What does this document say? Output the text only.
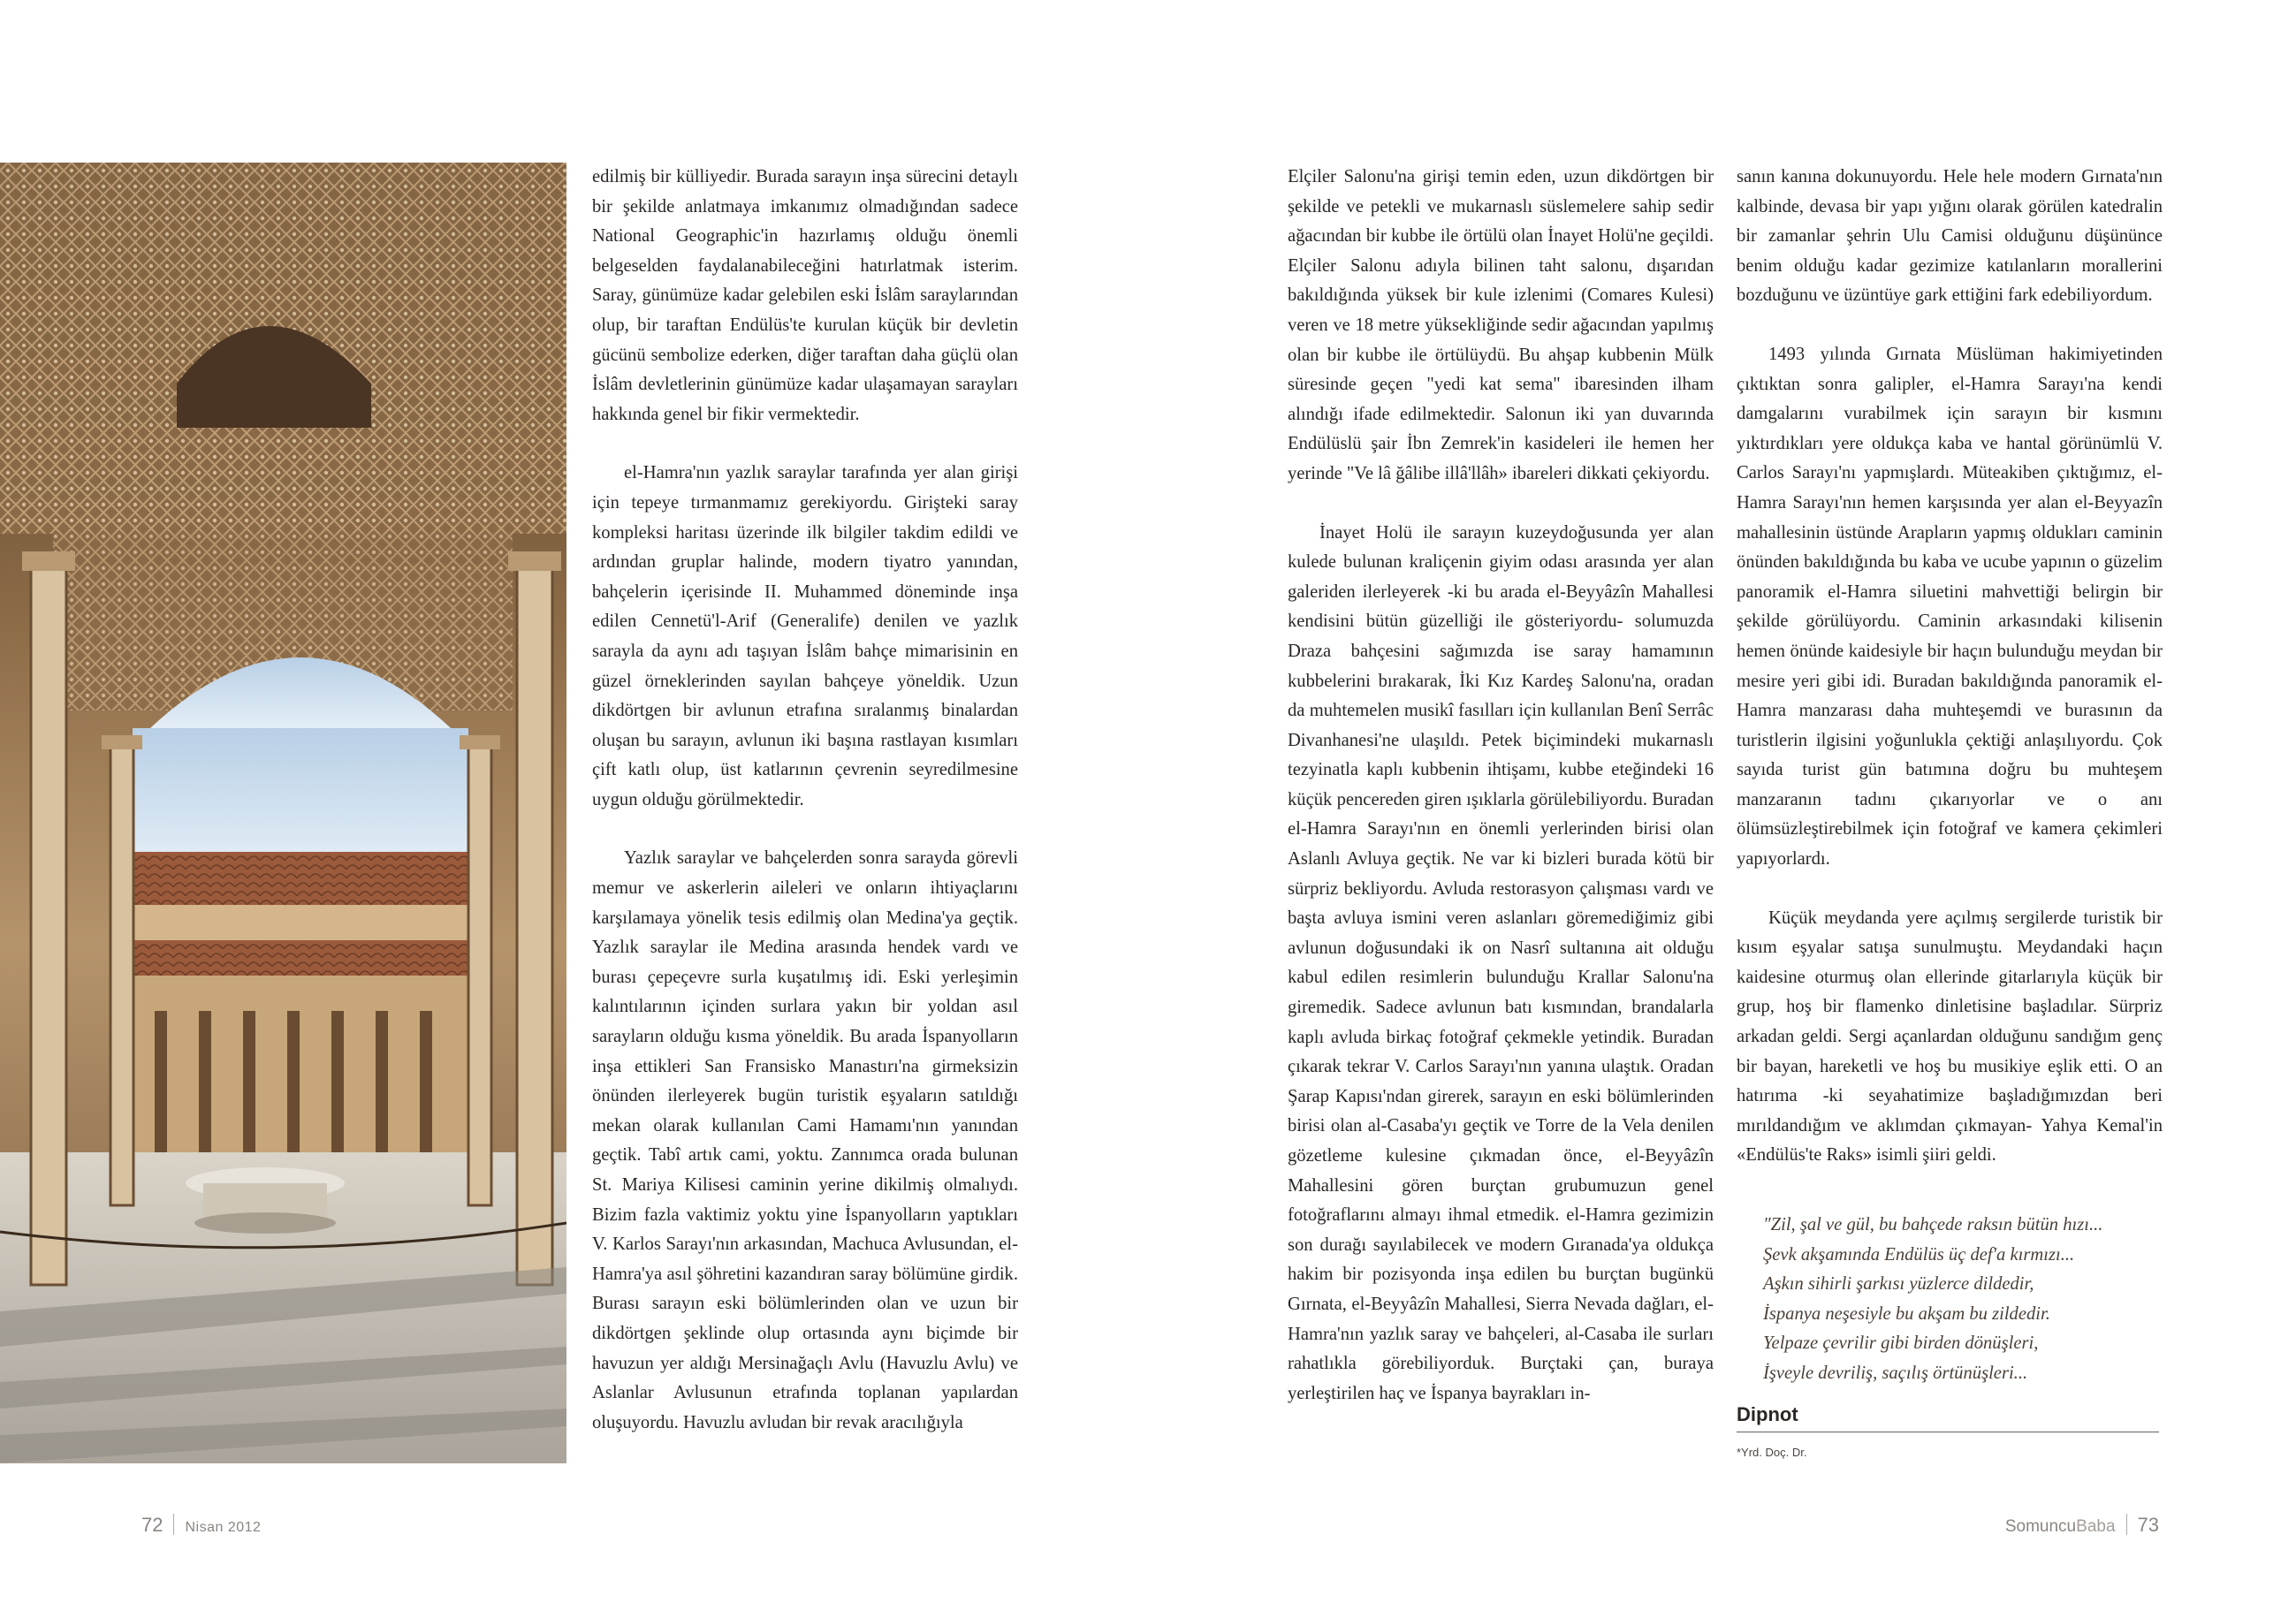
edilmiş bir külliyedir. Burada sarayın inşa sürecini detaylı bir şekilde anlatmaya imkanımız olmadığından sadece National Geographic'in hazırlamış olduğu önemli belgeselden faydalanabileceğini hatırlatmak isterim. Saray, günümüze kadar gelebilen eski İslâm saraylarından olup, bir taraftan Endülüs'te kurulan küçük bir devletin gücünü sembolize ederken, diğer taraftan daha güçlü olan İslâm devletlerinin günümüze kadar ulaşamayan sarayları hakkında genel bir fikir vermektedir.

el-Hamra'nın yazlık saraylar tarafında yer alan girişi için tepeye tırmanmamız gerekiyordu. Girişteki saray kompleksi haritası üzerinde ilk bilgiler takdim edildi ve ardından gruplar halinde, modern tiyatro yanından, bahçelerin içerisinde II. Muhammed döneminde inşa edilen Cennetü'l-Arif (Generalife) denilen ve yazlık sarayla da aynı adı taşıyan İslâm bahçe mimarisinin en güzel örneklerinden sayılan bahçeye yöneldik. Uzun dikdörtgen bir avlunun etrafına sıralanmış binalardan oluşan bu sarayın, avlunun iki başına rastlayan kısımları çift katlı olup, üst katlarının çevrenin seyredilmesine uygun olduğu görülmektedir.

Yazlık saraylar ve bahçelerden sonra sarayda görevli memur ve askerlerin aileleri ve onların ihtiyaçlarını karşılamaya yönelik tesis edilmiş olan Medina'ya geçtik. Yazlık saraylar ile Medina arasında hendek vardı ve burası çepeçevre surla kuşatılmış idi. Eski yerleşimin kalıntılarının içinden surlara yakın bir yoldan asıl sarayların olduğu kısma yöneldik. Bu arada İspanyolların inşa ettikleri San Fransisko Manastırı'na girmeksizin önünden ilerleyerek bugün turistik eşyaların satıldığı mekan olarak kullanılan Cami Hamamı'nın yanından geçtik. Tabî artık cami, yoktu. Zannımca orada bulunan St. Mariya Kilisesi caminin yerine dikilmiş olmalıydı. Bizim fazla vaktimiz yoktu yine İspanyolların yaptıkları V. Karlos Sarayı'nın arkasından, Machuca Avlusundan, el-Hamra'ya asıl şöhretini kazandıran saray bölümüne girdik. Burası sarayın eski bölümlerinden olan ve uzun bir dikdörtgen şeklinde olup ortasında aynı biçimde bir havuzun yer aldığı Mersinağaçlı Avlu (Havuzlu Avlu) ve Aslanlar Avlusunun etrafında toplanan yapılardan oluşuyordu. Havuzlu avludan bir revak aracılığıyla

Elçiler Salonu'na girişi temin eden, uzun dikdörtgen bir şekilde ve petekli ve mukarnaslı süslemelere sahip sedir ağacından bir kubbe ile örtülü olan İnayet Holü'ne geçildi. Elçiler Salonu adıyla bilinen taht salonu, dışarıdan bakıldığında yüksek bir kule izlenimi (Comares Kulesi) veren ve 18 metre yüksekliğinde sedir ağacından yapılmış olan bir kubbe ile örtülüydü. Bu ahşap kubbenin Mülk süresinde geçen "yedi kat sema" ibaresinden ilham alındığı ifade edilmektedir. Salonun iki yan duvarında Endülüslü şair İbn Zemrek'in kasideleri ile hemen her yerinde "Ve lâ ğâlibe illâ'llâh» ibareleri dikkati çekiyordu.

İnayet Holü ile sarayın kuzeydoğusunda yer alan kulede bulunan kraliçenin giyim odası arasında yer alan galeriden ilerleyerek -ki bu arada el-Beyyâzîn Mahallesi kendisini bütün güzelliği ile gösteriyordu- solumuzda Draza bahçesini sağımızda ise saray hamamının kubbelerini bırakarak, İki Kız Kardeş Salonu'na, oradan da muhtemelen musikî fasılları için kullanılan Benî Serrâc Divanhanesi'ne ulaşıldı. Petek biçimindeki mukarnaslı tezyinatla kaplı kubbenin ihtişamı, kubbe eteğindeki 16 küçük pencereden giren ışıklarla görülebiliyordu. Buradan el-Hamra Sarayı'nın en önemli yerlerinden birisi olan Aslanlı Avluya geçtik. Ne var ki bizleri burada kötü bir sürpriz bekliyordu. Avluda restorasyon çalışması vardı ve başta avluya ismini veren aslanları göremediğimiz gibi avlunun doğusundaki ik on Nasrî sultanına ait olduğu kabul edilen resimlerin bulunduğu Krallar Salonu'na giremedik. Sadece avlunun batı kısmından, brandalarla kaplı avluda birkaç fotoğraf çekmekle yetindik. Buradan çıkarak tekrar V. Carlos Sarayı'nın yanına ulaştık. Oradan Şarap Kapısı'ndan girerek, sarayın en eski bölümlerinden birisi olan al-Casaba'yı geçtik ve Torre de la Vela denilen gözetleme kulesine çıkmadan önce, el-Beyyâzîn Mahallesini gören burçtan grubumuzun genel fotoğraflarını almayı ihmal etmedik. el-Hamra gezimizin son durağı sayılabilecek ve modern Gıranada'ya oldukça hakim bir pozisyonda inşa edilen bu burçtan bugünkü Gırnata, el-Beyyâzîn Mahallesi, Sierra Nevada dağları, el-Hamra'nın yazlık saray ve bahçeleri, al-Casaba ile surları rahatlıkla görebiliyorduk. Burçtaki çan, buraya yerleştirilen haç ve İspanya bayrakları in-

sanın kanına dokunuyordu. Hele hele modern Gırnata'nın kalbinde, devasa bir yapı yığını olarak görülen katedralin bir zamanlar şehrin Ulu Camisi olduğunu düşününce benim olduğu kadar gezimize katılanların morallerini bozduğunu ve üzüntüye gark ettiğini fark edebiliyordum.

1493 yılında Gırnata Müslüman hakimiyetinden çıktıktan sonra galipler, el-Hamra Sarayı'na kendi damgalarını vurabilmek için sarayın bir kısmını yıktırdıkları yere oldukça kaba ve hantal görünümlü V. Carlos Sarayı'nı yapmışlardı. Müteakiben çıktığımız, el-Hamra Sarayı'nın hemen karşısında yer alan el-Beyyazîn mahallesinin üstünde Arapların yapmış oldukları caminin önünden bakıldığında bu kaba ve ucube yapının o güzelim panoramik el-Hamra siluetini mahvettiği belirgin bir şekilde görülüyordu. Caminin arkasındaki kilisenin hemen önünde kaidesiyle bir haçın bulunduğu meydan bir mesire yeri gibi idi. Buradan bakıldığında panoramik el-Hamra manzarası daha muhteşemdi ve burasının da turistlerin ilgisini yoğunlukla çektiği anlaşılıyordu. Çok sayıda turist gün batımına doğru bu muhteşem manzaranın tadını çıkarıyorlar ve o anı ölümsüzleştirebilmek için fotoğraf ve kamera çekimleri yapıyorlardı.

Küçük meydanda yere açılmış sergilerde turistik bir kısım eşyalar satışa sunulmuştu. Meydandaki haçın kaidesine oturmuş olan ellerinde gitarlarıyla küçük bir grup, hoş bir flamenko dinletisine başladılar. Sürpriz arkadan geldi. Sergi açanlardan olduğunu sandığım genç bir bayan, hareketli ve hoş bu musikiye eşlik etti. O an hatırıma -ki seyahatimize başladığımızdan beri mırıldandığım ve aklımdan çıkmayan- Yahya Kemal'in «Endülüs'te Raks» isimli şiiri geldi.

"Zil, şal ve gül, bu bahçede raksın bütün hızı...
Şevk akşamında Endülüs üç def'a kırmızı...
Aşkın sihirli şarkısı yüzlerce dildedir,
İspanya neşesiyle bu akşam bu zildedir.
Yelpaze çevrilir gibi birden dönüşleri,
İşveyle devriliş, saçılış örtünüşleri...
Dipnot
*Yrd. Doç. Dr.
72 Nisan 2012	SomuncuBaba 73
